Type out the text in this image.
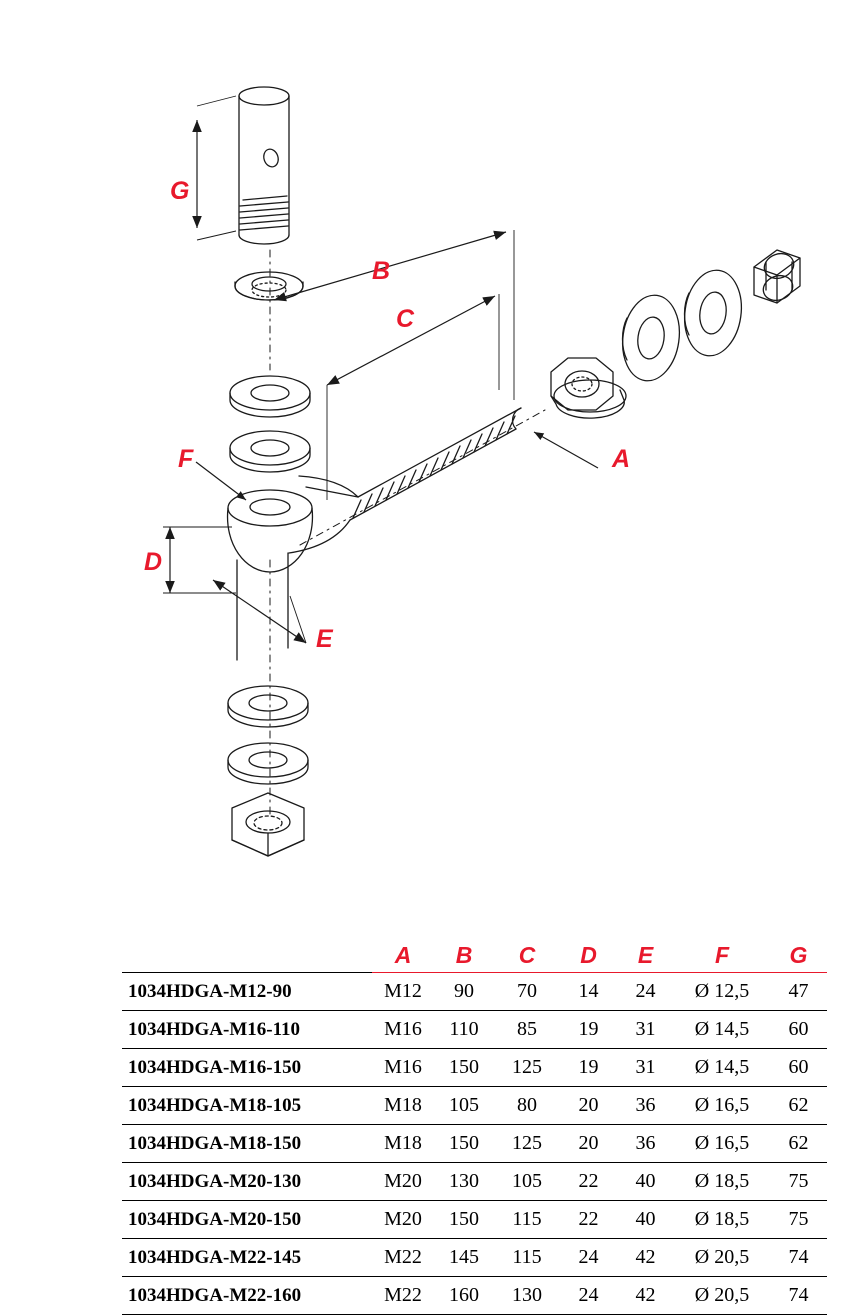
G
B
C
F
D
E
A
	A	B	C	D	E	F	G
1034HDGA-M12-90	M12	90	70	14	24	Ø 12,5	47
1034HDGA-M16-110	M16	110	85	19	31	Ø 14,5	60
1034HDGA-M16-150	M16	150	125	19	31	Ø 14,5	60
1034HDGA-M18-105	M18	105	80	20	36	Ø 16,5	62
1034HDGA-M18-150	M18	150	125	20	36	Ø 16,5	62
1034HDGA-M20-130	M20	130	105	22	40	Ø 18,5	75
1034HDGA-M20-150	M20	150	115	22	40	Ø 18,5	75
1034HDGA-M22-145	M22	145	115	24	42	Ø 20,5	74
1034HDGA-M22-160	M22	160	130	24	42	Ø 20,5	74
